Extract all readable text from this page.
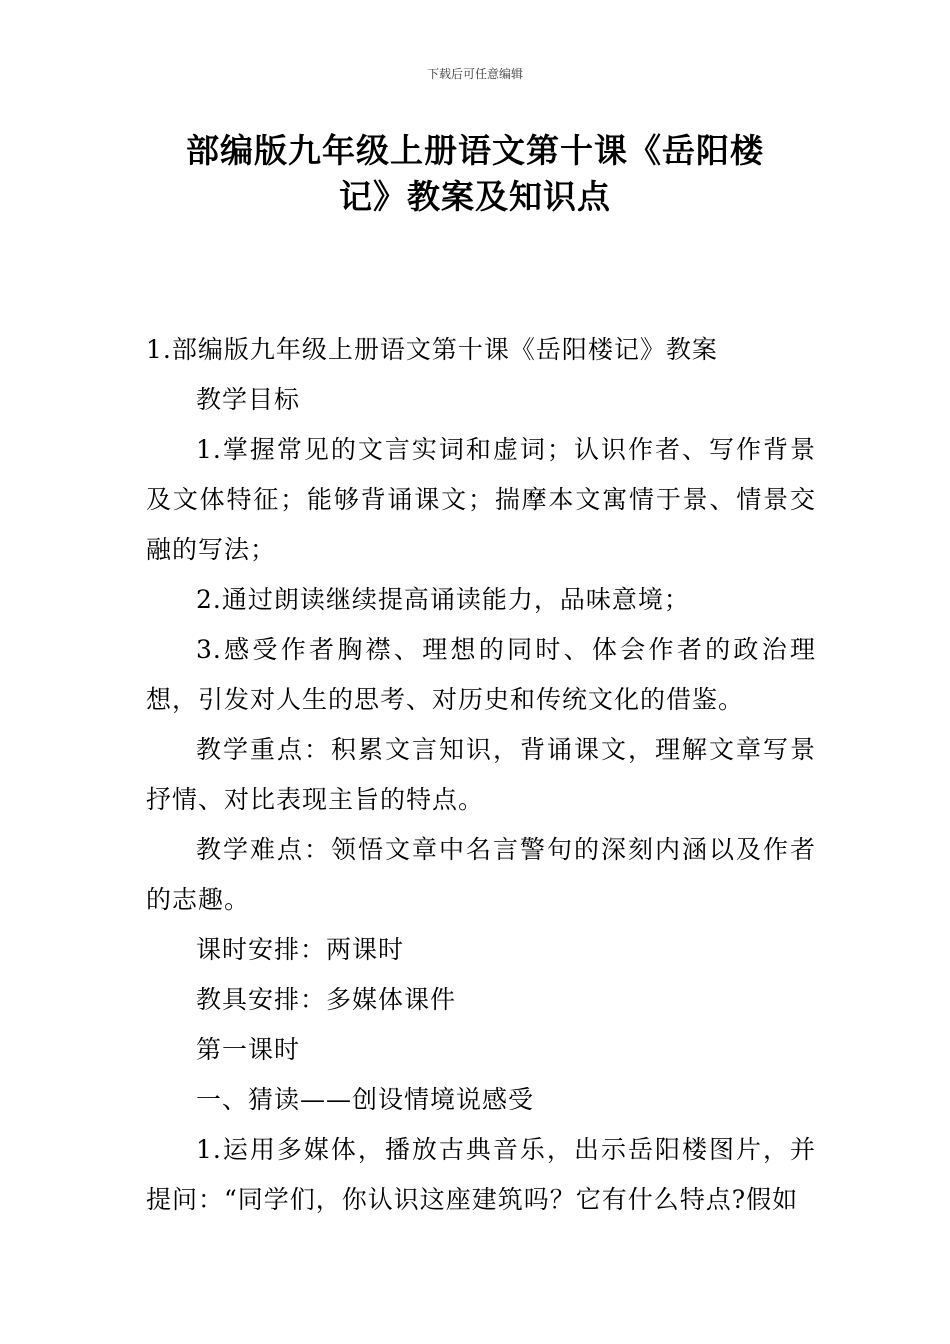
下载后可任意编辑
部编版九年级上册语文第十课《岳阳楼
记》教案及知识点

1.部编版九年级上册语文第十课《岳阳楼记》教案

教学目标

1.掌握常见的文言实词和虚词；认识作者、写作背景及文体特征；能够背诵课文；揣摩本文寓情于景、情景交融的写法；

2.通过朗读继续提高诵读能力，品味意境；

3.感受作者胸襟、理想的同时、体会作者的政治理想，引发对人生的思考、对历史和传统文化的借鉴。

教学重点：积累文言知识，背诵课文，理解文章写景抒情、对比表现主旨的特点。

教学难点：领悟文章中名言警句的深刻内涵以及作者的志趣。

课时安排：两课时

教具安排：多媒体课件

第一课时

一、猜读——创设情境说感受

1.运用多媒体，播放古典音乐，出示岳阳楼图片，并提问：“同学们，你认识这座建筑吗？它有什么特点?假如
